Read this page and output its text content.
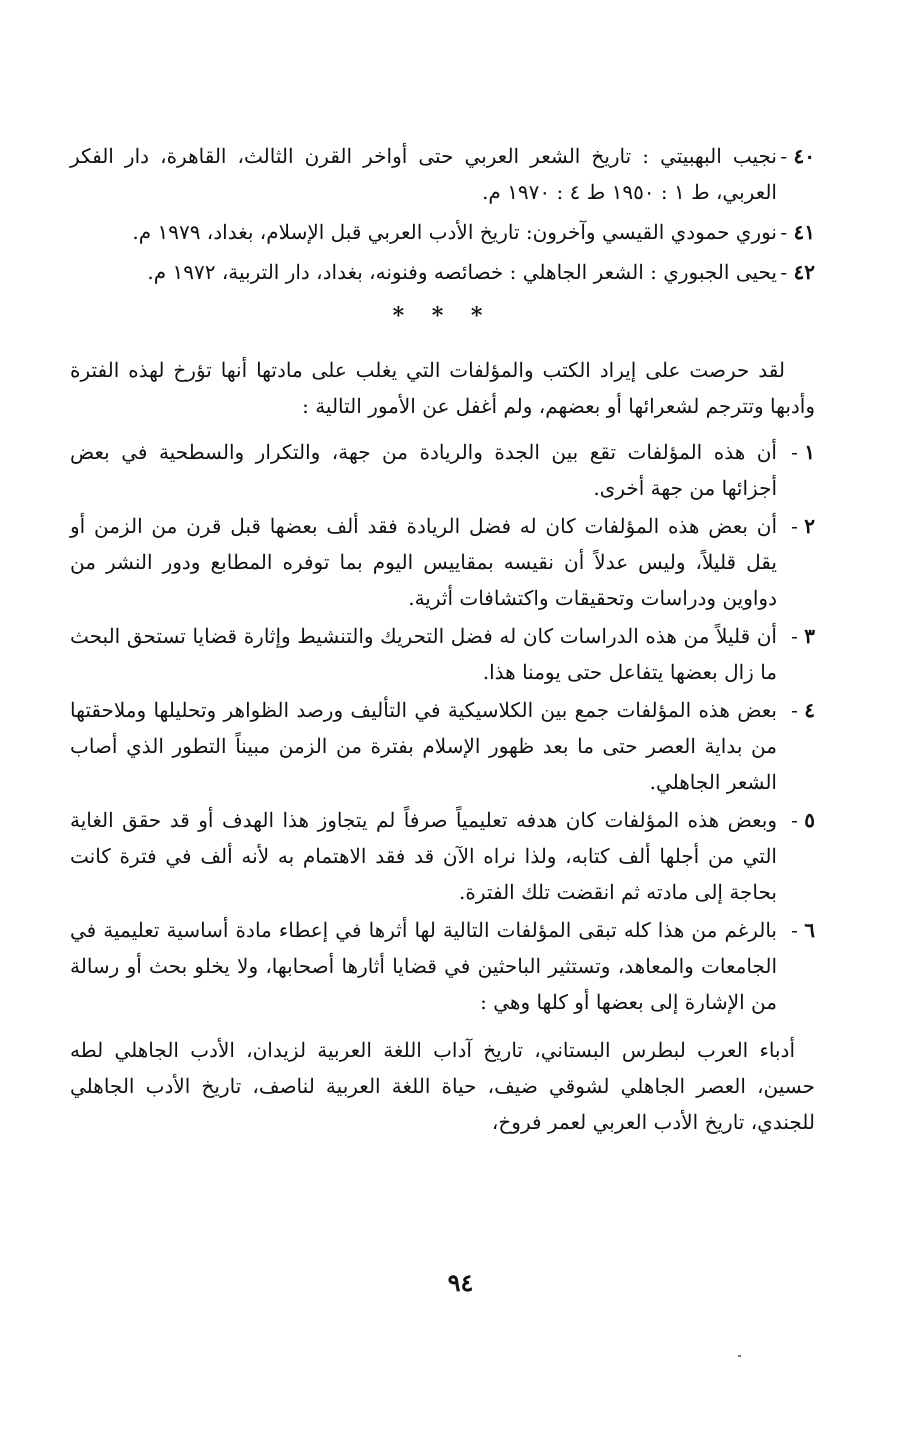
٤٠ -
نجيب البهبيتي : تاريخ الشعر العربي حتى أواخر القرن الثالث، القاهرة، دار الفكر العربي، ط ١ : ١٩٥٠ ط ٤ : ١٩٧٠ م.

٤١ -
نوري حمودي القيسي وآخرون: تاريخ الأدب العربي قبل الإسلام، بغداد، ١٩٧٩ م.

٤٢ -
يحيى الجبوري : الشعر الجاهلي : خصائصه وفنونه، بغداد، دار التربية، ١٩٧٢ م.

* * *

لقد حرصت على إيراد الكتب والمؤلفات التي يغلب على مادتها أنها تؤرخ لهذه الفترة وأدبها وتترجم لشعرائها أو بعضهم، ولم أغفل عن الأمور التالية :

١ -
أن هذه المؤلفات تقع بين الجدة والريادة من جهة، والتكرار والسطحية في بعض أجزائها من جهة أخرى.

٢ -
أن بعض هذه المؤلفات كان له فضل الريادة فقد ألف بعضها قبل قرن من الزمن أو يقل قليلاً، وليس عدلاً أن نقيسه بمقاييس اليوم بما توفره المطابع ودور النشر من دواوين ودراسات وتحقيقات واكتشافات أثرية.

٣ -
أن قليلاً من هذه الدراسات كان له فضل التحريك والتنشيط وإثارة قضايا تستحق البحث ما زال بعضها يتفاعل حتى يومنا هذا.

٤ -
بعض هذه المؤلفات جمع بين الكلاسيكية في التأليف ورصد الظواهر وتحليلها وملاحقتها من بداية العصر حتى ما بعد ظهور الإسلام بفترة من الزمن مبيناً التطور الذي أصاب الشعر الجاهلي.

٥ -
وبعض هذه المؤلفات كان هدفه تعليمياً صرفاً لم يتجاوز هذا الهدف أو قد حقق الغاية التي من أجلها ألف كتابه، ولذا نراه الآن قد فقد الاهتمام به لأنه ألف في فترة كانت بحاجة إلى مادته ثم انقضت تلك الفترة.

٦ -
بالرغم من هذا كله تبقى المؤلفات التالية لها أثرها في إعطاء مادة أساسية تعليمية في الجامعات والمعاهد، وتستثير الباحثين في قضايا أثارها أصحابها، ولا يخلو بحث أو رسالة من الإشارة إلى بعضها أو كلها وهي :

أدباء العرب لبطرس البستاني، تاريخ آداب اللغة العربية لزيدان، الأدب الجاهلي لطه حسين، العصر الجاهلي لشوقي ضيف، حياة اللغة العربية لناصف، تاريخ الأدب الجاهلي للجندي، تاريخ الأدب العربي لعمر فروخ،

٩٤
